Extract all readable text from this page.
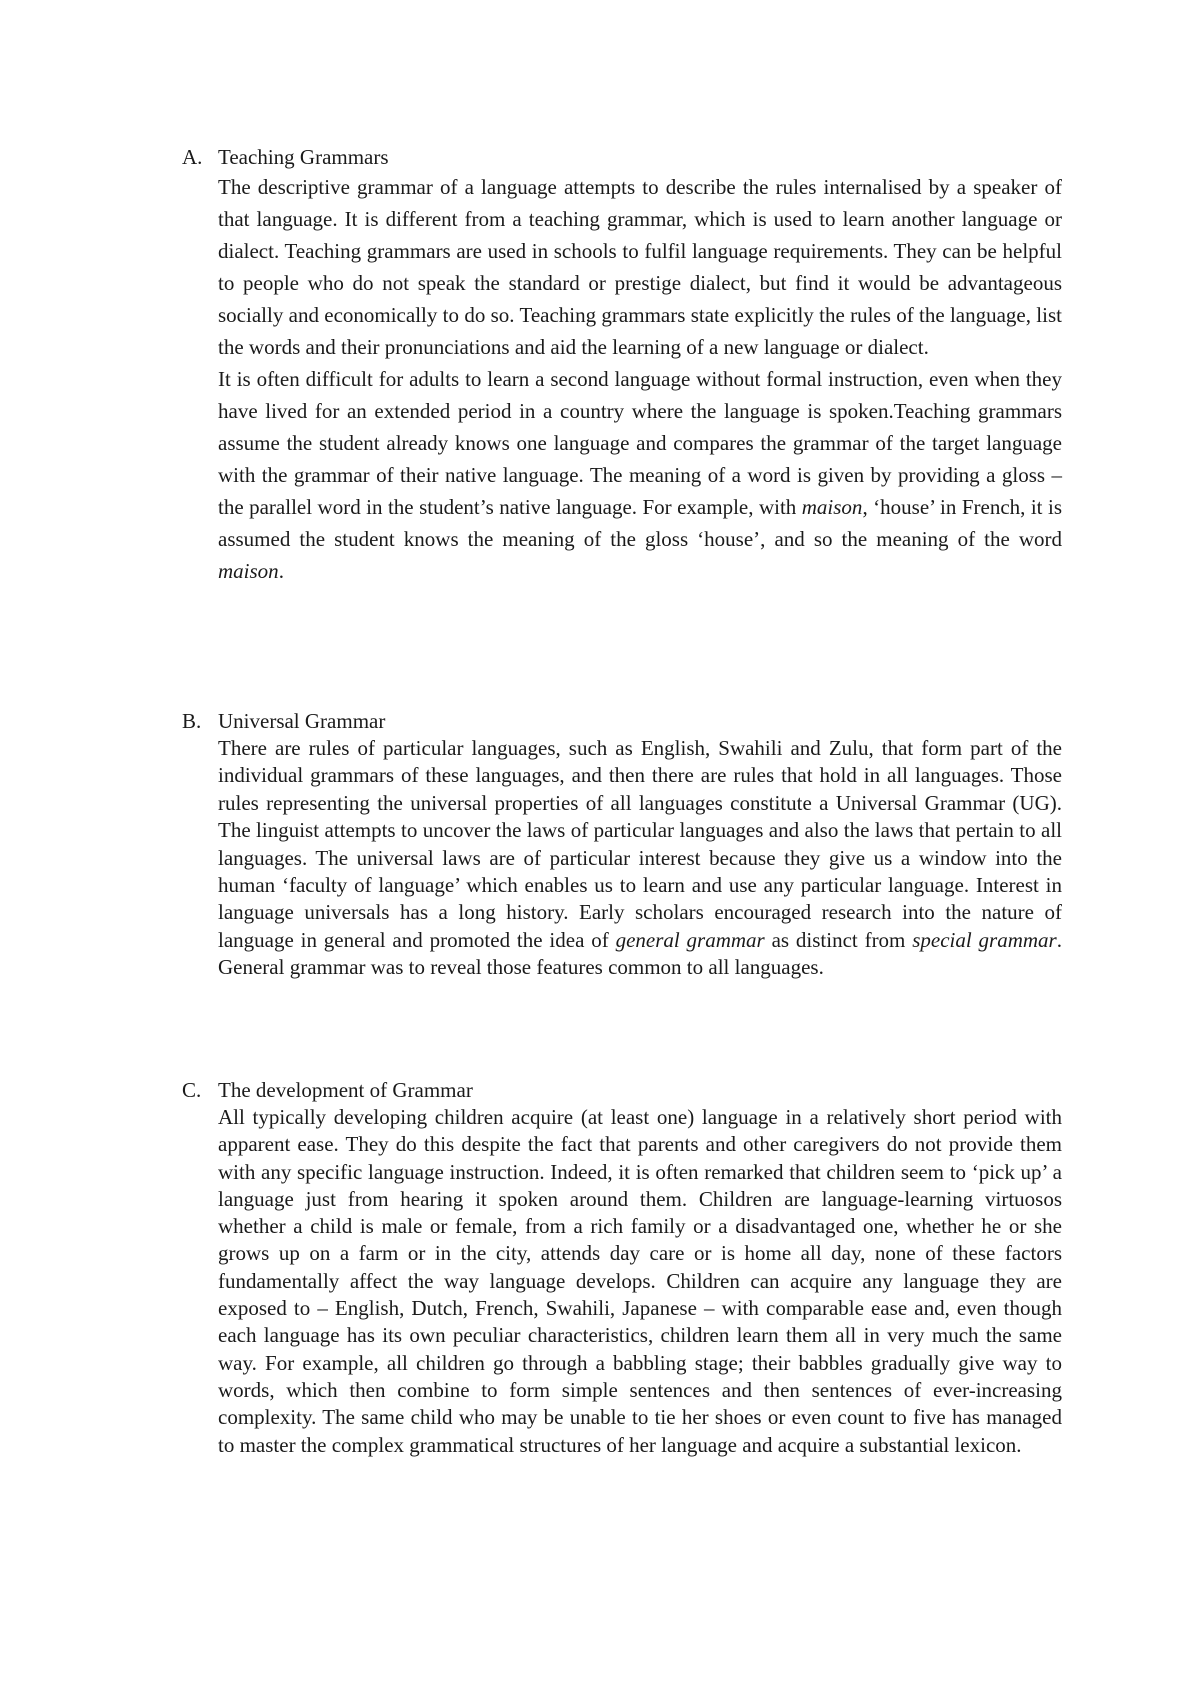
A. Teaching Grammars

The descriptive grammar of a language attempts to describe the rules internalised by a speaker of that language. It is different from a teaching grammar, which is used to learn another language or dialect. Teaching grammars are used in schools to fulfil language requirements. They can be helpful to people who do not speak the standard or prestige dialect, but find it would be advantageous socially and economically to do so. Teaching grammars state explicitly the rules of the language, list the words and their pronunciations and aid the learning of a new language or dialect.

It is often difficult for adults to learn a second language without formal instruction, even when they have lived for an extended period in a country where the language is spoken.Teaching grammars assume the student already knows one language and compares the grammar of the target language with the grammar of their native language. The meaning of a word is given by providing a gloss – the parallel word in the student’s native language. For example, with maison, ‘house’ in French, it is assumed the student knows the meaning of the gloss ‘house’, and so the meaning of the word maison.

B. Universal Grammar

There are rules of particular languages, such as English, Swahili and Zulu, that form part of the individual grammars of these languages, and then there are rules that hold in all languages. Those rules representing the universal properties of all languages constitute a Universal Grammar (UG). The linguist attempts to uncover the laws of particular languages and also the laws that pertain to all languages. The universal laws are of particular interest because they give us a window into the human ‘faculty of language’ which enables us to learn and use any particular language. Interest in language universals has a long history. Early scholars encouraged research into the nature of language in general and promoted the idea of general grammar as distinct from special grammar. General grammar was to reveal those features common to all languages.

C. The development of Grammar

All typically developing children acquire (at least one) language in a relatively short period with apparent ease. They do this despite the fact that parents and other caregivers do not provide them with any specific language instruction. Indeed, it is often remarked that children seem to ‘pick up’ a language just from hearing it spoken around them. Children are language-learning virtuosos whether a child is male or female, from a rich family or a disadvantaged one, whether he or she grows up on a farm or in the city, attends day care or is home all day, none of these factors fundamentally affect the way language develops. Children can acquire any language they are exposed to – English, Dutch, French, Swahili, Japanese – with comparable ease and, even though each language has its own peculiar characteristics, children learn them all in very much the same way. For example, all children go through a babbling stage; their babbles gradually give way to words, which then combine to form simple sentences and then sentences of ever-increasing complexity. The same child who may be unable to tie her shoes or even count to five has managed to master the complex grammatical structures of her language and acquire a substantial lexicon.
